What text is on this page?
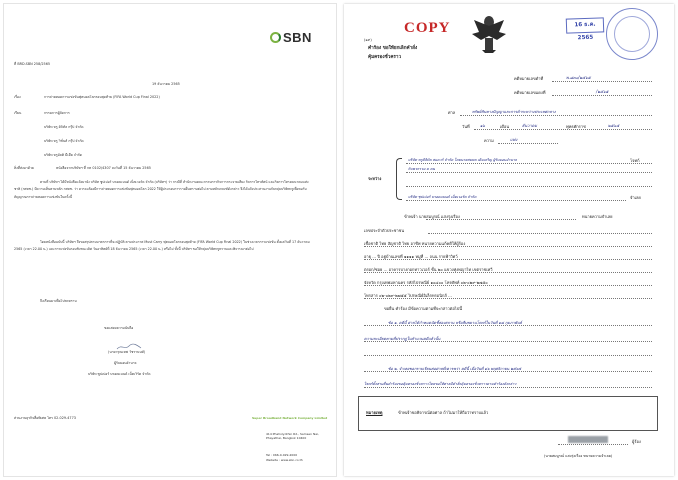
SBN
ที่ BRD.SBN 258/2565
19 ธันวาคม 2565
เรื่อง	การถ่ายทอดการแข่งขันฟุตบอลโลกรอบสุดท้าย (FIFA World Cup Final 2022)
เรียน	กรรมการผู้จัดการ
บริษัท ทรู ดิจิทัล กรุ๊ป จำกัด
บริษัท ทรู วิชั่นส์ กรุ๊ป จำกัด
บริษัท ทรูมัลติ มีเดีย จำกัด
สิ่งที่ส่งมาด้วย	หนังสือจากบริษัทฯ ที่ กท 0102/4307 ลงวันที่ 15 ธันวาคม 2565
ตามที่ บริษัทฯ ได้มีหนังสือแจ้งมายัง บริษัท ซูปเปอร์ บรอดแบนด์ เน็ตเวอร์ค จำกัด (บริษัทฯ) ว่า กรณีที่ สำนักงานคณะกรรมการกิจการกระจายเสียง กิจการโทรทัศน์ และกิจการโทรคมนาคมแห่งชาติ (กสทช.) มีความเห็นตามหลัก กสทช. ว่า ควรจะต้องมีการถ่ายทอดการแข่งขันฟุตบอลโลก 2022 ให้ผู้ประกอบการรายอื่นทราบต่อไป ตามหลักเกณฑ์ดังกล่าว จึงได้แจ้งประสานงานกับกลุ่มบริษัททรูเพื่อขอรับสัญญาณการถ่ายทอดการแข่งขันในครั้งนี้
โดยหนังสือฉบับนี้ บริษัทฯ จึงขอสรุปตามมาตรการที่จะปฏิบัติ ตามประกาศ Must Carry ฟุตบอลโลกรอบสุดท้าย (FIFA World Cup Final 2022) ในช่วงเวลาการแข่งขัน ตั้งแต่วันที่ 17 ธันวาคม 2565 (เวลา 22.00 น.) และการแข่งขันรอบชิงชนะเลิศ วันอาทิตย์ที่ 18 ธันวาคม 2565 (เวลา 22.00 น.) หรือไม่ ทั้งนี้ บริษัทฯ ขอให้กลุ่มบริษัททรูทราบและพิจารณาต่อไป
จึงเรียนมาเพื่อโปรดทราบ
ขอแสดงความนับถือ
(นายวรุณเทพ วัชรานนท์)
ผู้รับมอบอำนาจ
บริษัท ซูปเปอร์ บรอดแบนด์ เน็ตเวิร์ค จำกัด
ส่วนงานธุรกิจสื่อพิเศษ โทร 02-029-4773	Super Broadband Network Company Limited
414 Phaholyothin Rd., Samsen Nai, Phayathai, Bangkok 10400
Tel : 066-0-029-2000
Website : www.sbn.co.th
COPY	16 ธ.ค. 2565
(๑๙)
คำร้อง ขอให้ยกเลิกคำสั่ง
คุ้มครองชั่วคราว
คดีหมายเลขดำที่	พ.๘๓๐/๒๕๖๕
คดีหมายเลขแดงที่	/๒๕๖๕
ศาล	ทรัพย์สินทางปัญญาและการค้าระหว่างประเทศกลาง
วันที่	๑๖	เดือน	ธันวาคม	พุทธศักราช	๒๕๖๕
ความ	แพ่ง
ระหว่าง
บริษัท ทรูดิจิทัล สแควร์ จำกัด โดยนายสมพล เติมเจริญ ผู้รับมอบอำนาจ	โจทก์
กับพวกรวม ๓ คน
บริษัท ซุปเปอร์ บรอดแบนด์ เน็ตเวอร์ค จำกัด	จำเลย
ข้าพเจ้า นายสมบูรณ์ แสงรุ่งเรือง	ทนายความจำเลย
เลขประจำตัวประชาชน
เชื้อชาติ ไทย สัญชาติ ไทย อาชีพ ทนายความแก้คดีให้ผู้ร้อง
อายุ ... ปี อยู่บ้านเลขที่ ๑๑๑๑ หมู่ที่ ... ถนน รายฟ้าวิศว์
ตรอก/ซอย ... อาคารบางกอกทาวเวอร์ ชั้น ๒๐ แขวงทุ่งพญาไท เขตราชเทวี
จังหวัด กรุงเทพมหานคร รหัสไปรษณีย์ ๑๐๔๐๐ โทรศัพท์ ๐๒-๐๒๙-๒๗๕๐
โทรสาร ๐๒-๐๒๙-๒๗๕๕ ไปรษณีย์อิเล็กทรอนิกส์ ...
ขอยื่น คำร้อง มีข้อความตามที่จะกล่าวต่อไปนี้
ข้อ ๑. คดีนี้ ศาลได้กำหนดนัดชี้สองสถาน หรือสืบพยานโจทก์ในวันที่ ๑๘ กุมภาพันธ์
ความละเอียดตามที่ปรากฏในสำนวนคดีแล้วนั้น
ข้อ ๒. จำเลยขอกราบเรียนต่อศาลที่เคารพว่า คดีนี้ เมื่อวันที่ ๑๖ พฤศจิกายน ๒๕๖๕
โจทก์ทั้งสามยื่นคำร้องขอคุ้มครองชั่วคราวโดยขอให้ศาลมีคำสั่งคุ้มครองชั่วคราวตามคำร้องดังกล่าว
หมายเหตุ	ข้าพเจ้าขอพิจารณ์ต่อศาล ถ้าไม่มาให้ถือว่าทราบแล้ว
ผู้ร้อง
(นายสมบูรณ์ แสงรุ่งเรือง ทนายความจำเลย)
